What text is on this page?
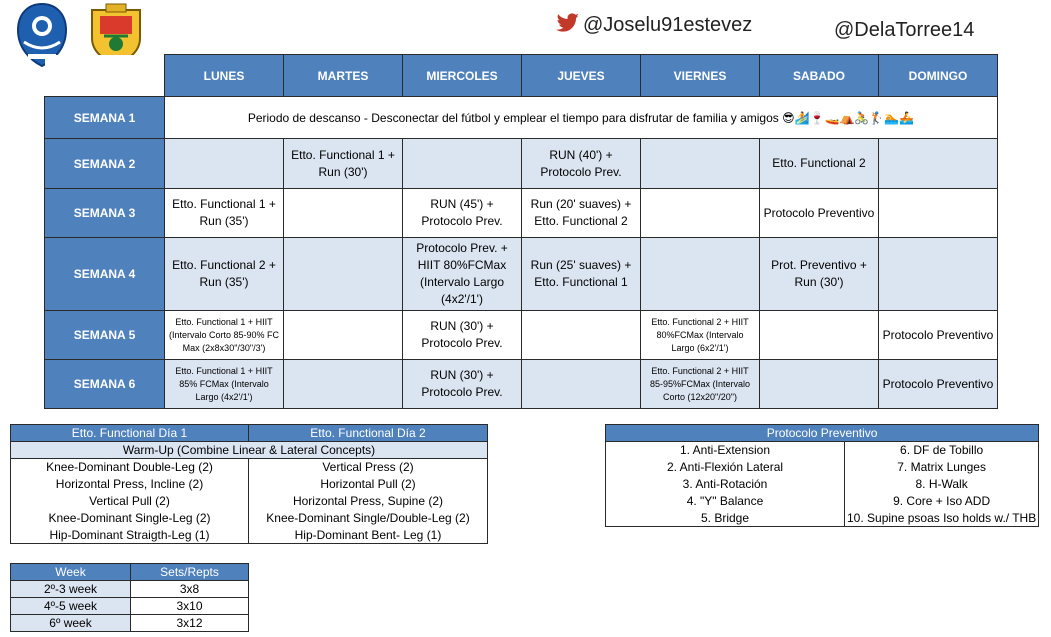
@Joselu91estevez	@DelaTorree14
	LUNES	MARTES	MIERCOLES	JUEVES	VIERNES	SABADO	DOMINGO
SEMANA 1	Periodo de descanso - Desconectar del fútbol y emplear el tiempo para disfrutar de familia y amigos 😎🏄🍷🚤⛺🚴🏌🏊🚣						
SEMANA 2		Etto. Functional 1 + Run (30')		RUN (40') + Protocolo Prev.		Etto. Functional 2	
SEMANA 3	Etto. Functional 1 + Run (35')		RUN (45') + Protocolo Prev.	Run (20' suaves) + Etto. Functional 2		Protocolo Preventivo	
SEMANA 4	Etto. Functional 2 + Run (35')		Protocolo Prev. + HIIT 80%FCMax (Intervalo Largo (4x2'/1')	Run (25' suaves) + Etto. Functional 1		Prot. Preventivo + Run (30')	
SEMANA 5	Etto. Functional 1 + HIIT (Intervalo Corto 85-90% FC Max (2x8x30"/30"/3')		RUN (30') + Protocolo Prev.		Etto. Functional 2 + HIIT 80%FCMax (Intervalo Largo (6x2'/1')		Protocolo Preventivo
SEMANA 6	Etto. Functional 1 + HIIT 85% FCMax (Intervalo Largo (4x2'/1')		RUN (30') + Protocolo Prev.		Etto. Functional 2 + HIIT 85-95%FCMax (Intervalo Corto (12x20"/20")		Protocolo Preventivo
Etto. Functional Día 1	Etto. Functional Día 2
Warm-Up (Combine Linear & Lateral Concepts)	
Knee-Dominant Double-Leg (2)	Vertical Press (2)
Horizontal Press, Incline (2)	Horizontal Pull (2)
Vertical Pull (2)	Horizontal Press, Supine (2)
Knee-Dominant Single-Leg (2)	Knee-Dominant Single/Double-Leg (2)
Hip-Dominant Straigth-Leg (1)	Hip-Dominant Bent- Leg (1)
Protocolo Preventivo	
1. Anti-Extension	6. DF de Tobillo
2. Anti-Flexión Lateral	7. Matrix Lunges
3. Anti-Rotación	8. H-Walk
4. "Y" Balance	9. Core + Iso ADD
5. Bridge	10. Supine psoas Iso holds w./ THB
Week	Sets/Repts
2º-3 week	3x8
4º-5 week	3x10
6º week	3x12
